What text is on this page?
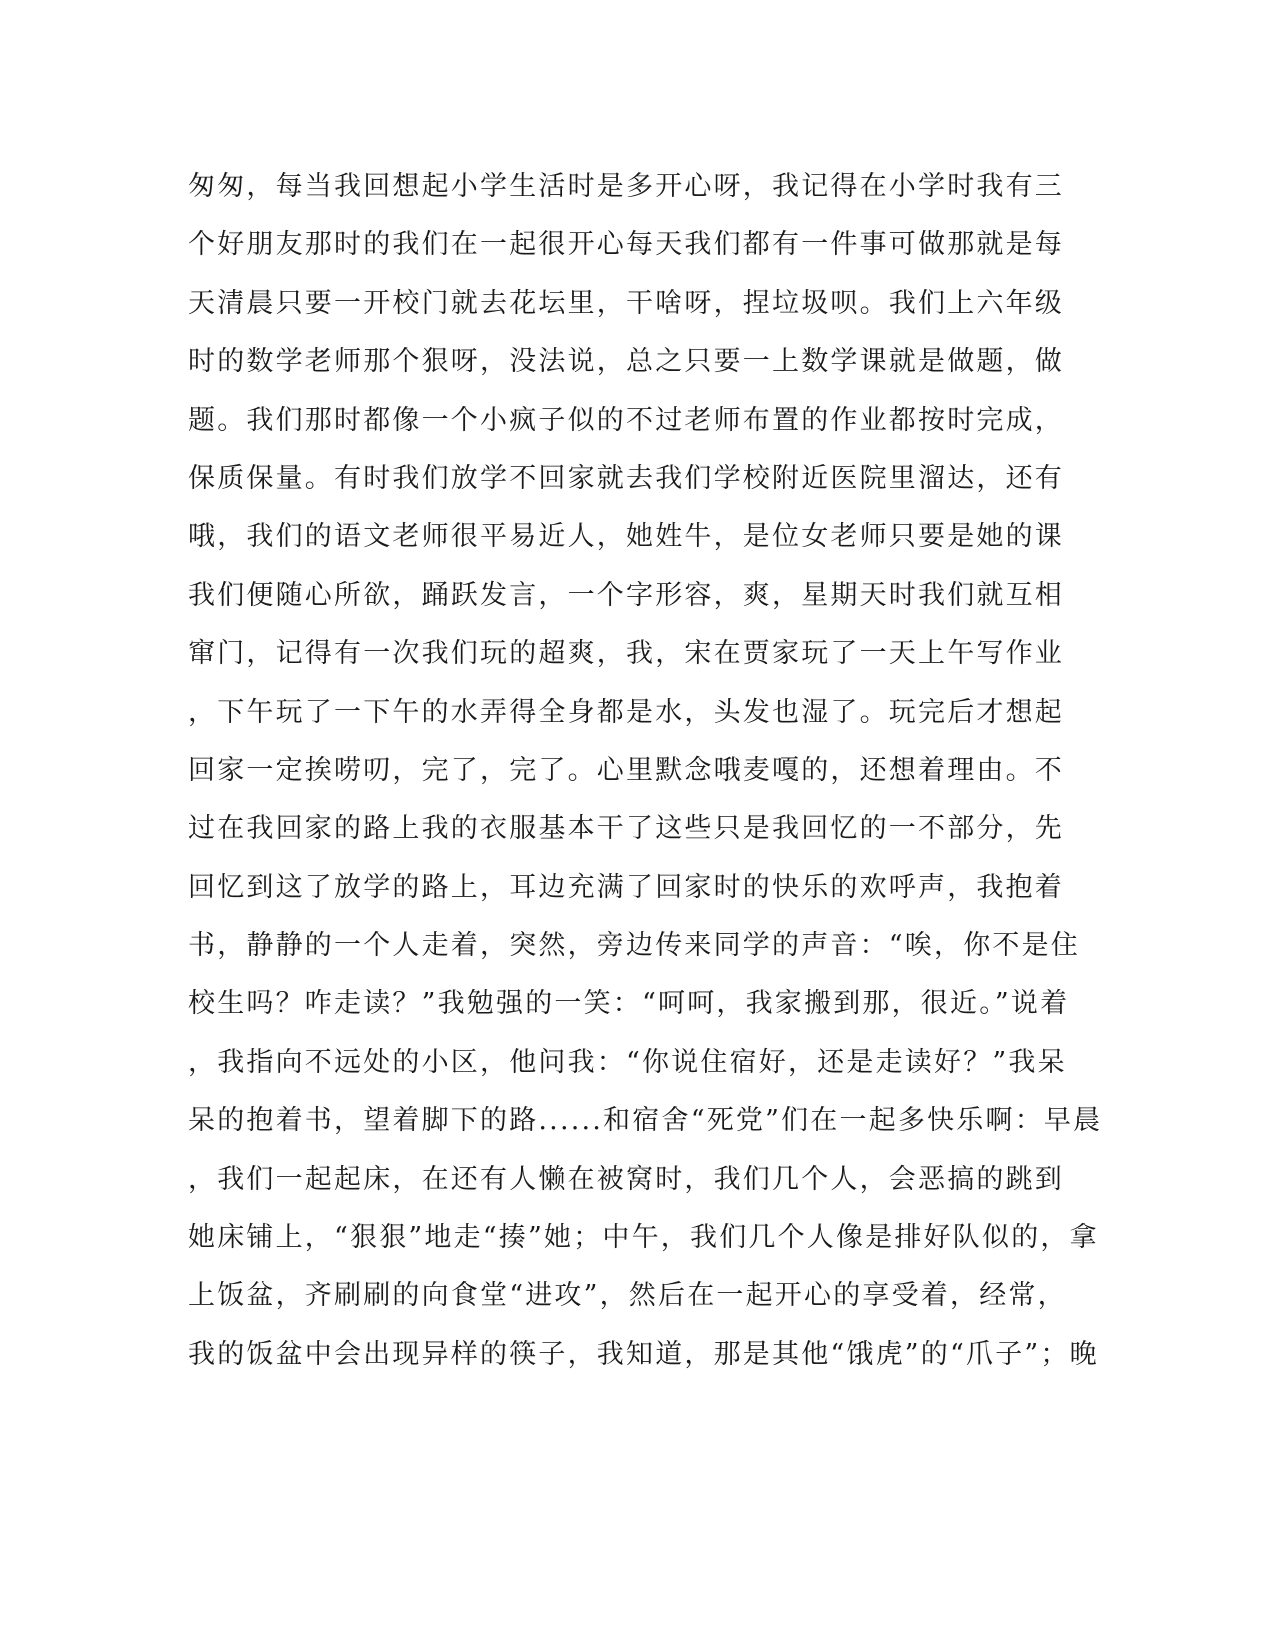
匆匆，每当我回想起小学生活时是多开心呀，我记得在小学时我有三
个好朋友那时的我们在一起很开心每天我们都有一件事可做那就是每
天清晨只要一开校门就去花坛里，干啥呀，捏垃圾呗。我们上六年级
时的数学老师那个狠呀，没法说，总之只要一上数学课就是做题，做
题。我们那时都像一个小疯子似的不过老师布置的作业都按时完成，
保质保量。有时我们放学不回家就去我们学校附近医院里溜达，还有
哦，我们的语文老师很平易近人，她姓牛，是位女老师只要是她的课
我们便随心所欲，踊跃发言，一个字形容，爽，星期天时我们就互相
窜门，记得有一次我们玩的超爽，我，宋在贾家玩了一天上午写作业
，下午玩了一下午的水弄得全身都是水，头发也湿了。玩完后才想起
回家一定挨唠叨，完了，完了。心里默念哦麦嘎的，还想着理由。不
过在我回家的路上我的衣服基本干了这些只是我回忆的一不部分，先
回忆到这了放学的路上，耳边充满了回家时的快乐的欢呼声，我抱着
书，静静的一个人走着，突然，旁边传来同学的声音：“唉，你不是住
校生吗？咋走读？”我勉强的一笑：“呵呵，我家搬到那，很近。”说着
，我指向不远处的小区，他问我：“你说住宿好，还是走读好？”我呆
呆的抱着书，望着脚下的路......和宿舍“死党”们在一起多快乐啊：早晨
，我们一起起床，在还有人懒在被窝时，我们几个人，会恶搞的跳到
她床铺上，“狠狠”地走“揍”她；中午，我们几个人像是排好队似的，拿
上饭盆，齐刷刷的向食堂“进攻”，然后在一起开心的享受着，经常，
我的饭盆中会出现异样的筷子，我知道，那是其他“饿虎”的“爪子”；晚
